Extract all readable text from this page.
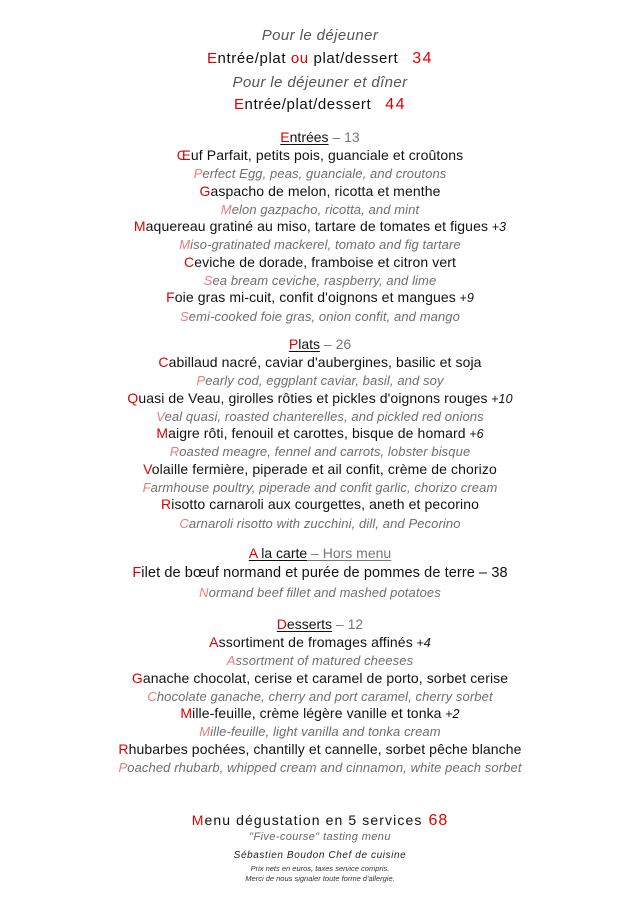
Pour le déjeuner
Entrée/plat ou plat/dessert 34
Pour le déjeuner et dîner
Entrée/plat/dessert 44
Entrées – 13
Œuf Parfait, petits pois, guanciale et croûtons
Perfect Egg, peas, guanciale, and croutons
Gaspacho de melon, ricotta et menthe
Melon gazpacho, ricotta, and mint
Maquereau gratiné au miso, tartare de tomates et figues +3
Miso-gratinated mackerel, tomato and fig tartare
Ceviche de dorade, framboise et citron vert
Sea bream ceviche, raspberry, and lime
Foie gras mi-cuit, confit d'oignons et mangues +9
Semi-cooked foie gras, onion confit, and mango
Plats – 26
Cabillaud nacré, caviar d'aubergines, basilic et soja
Pearly cod, eggplant caviar, basil, and soy
Quasi de Veau, girolles rôties et pickles d'oignons rouges +10
Veal quasi, roasted chanterelles, and pickled red onions
Maigre rôti, fenouil et carottes, bisque de homard +6
Roasted meagre, fennel and carrots, lobster bisque
Volaille fermière, piperade et ail confit, crème de chorizo
Farmhouse poultry, piperade and confit garlic, chorizo cream
Risotto carnaroli aux courgettes, aneth et pecorino
Carnaroli risotto with zucchini, dill, and Pecorino
A la carte – Hors menu
Filet de bœuf normand et purée de pommes de terre – 38
Normand beef fillet and mashed potatoes
Desserts – 12
Assortiment de fromages affinés +4
Assortment of matured cheeses
Ganache chocolat, cerise et caramel de porto, sorbet cerise
Chocolate ganache, cherry and port caramel, cherry sorbet
Mille-feuille, crème légère vanille et tonka +2
Mille-feuille, light vanilla and tonka cream
Rhubarbes pochées, chantilly et cannelle, sorbet pêche blanche
Poached rhubarb, whipped cream and cinnamon, white peach sorbet
Menu dégustation en 5 services 68
"Five-course" tasting menu
Sébastien Boudon Chef de cuisine
Prix nets en euros, taxes service compris.
Merci de nous signaler toute forme d'allergie.
